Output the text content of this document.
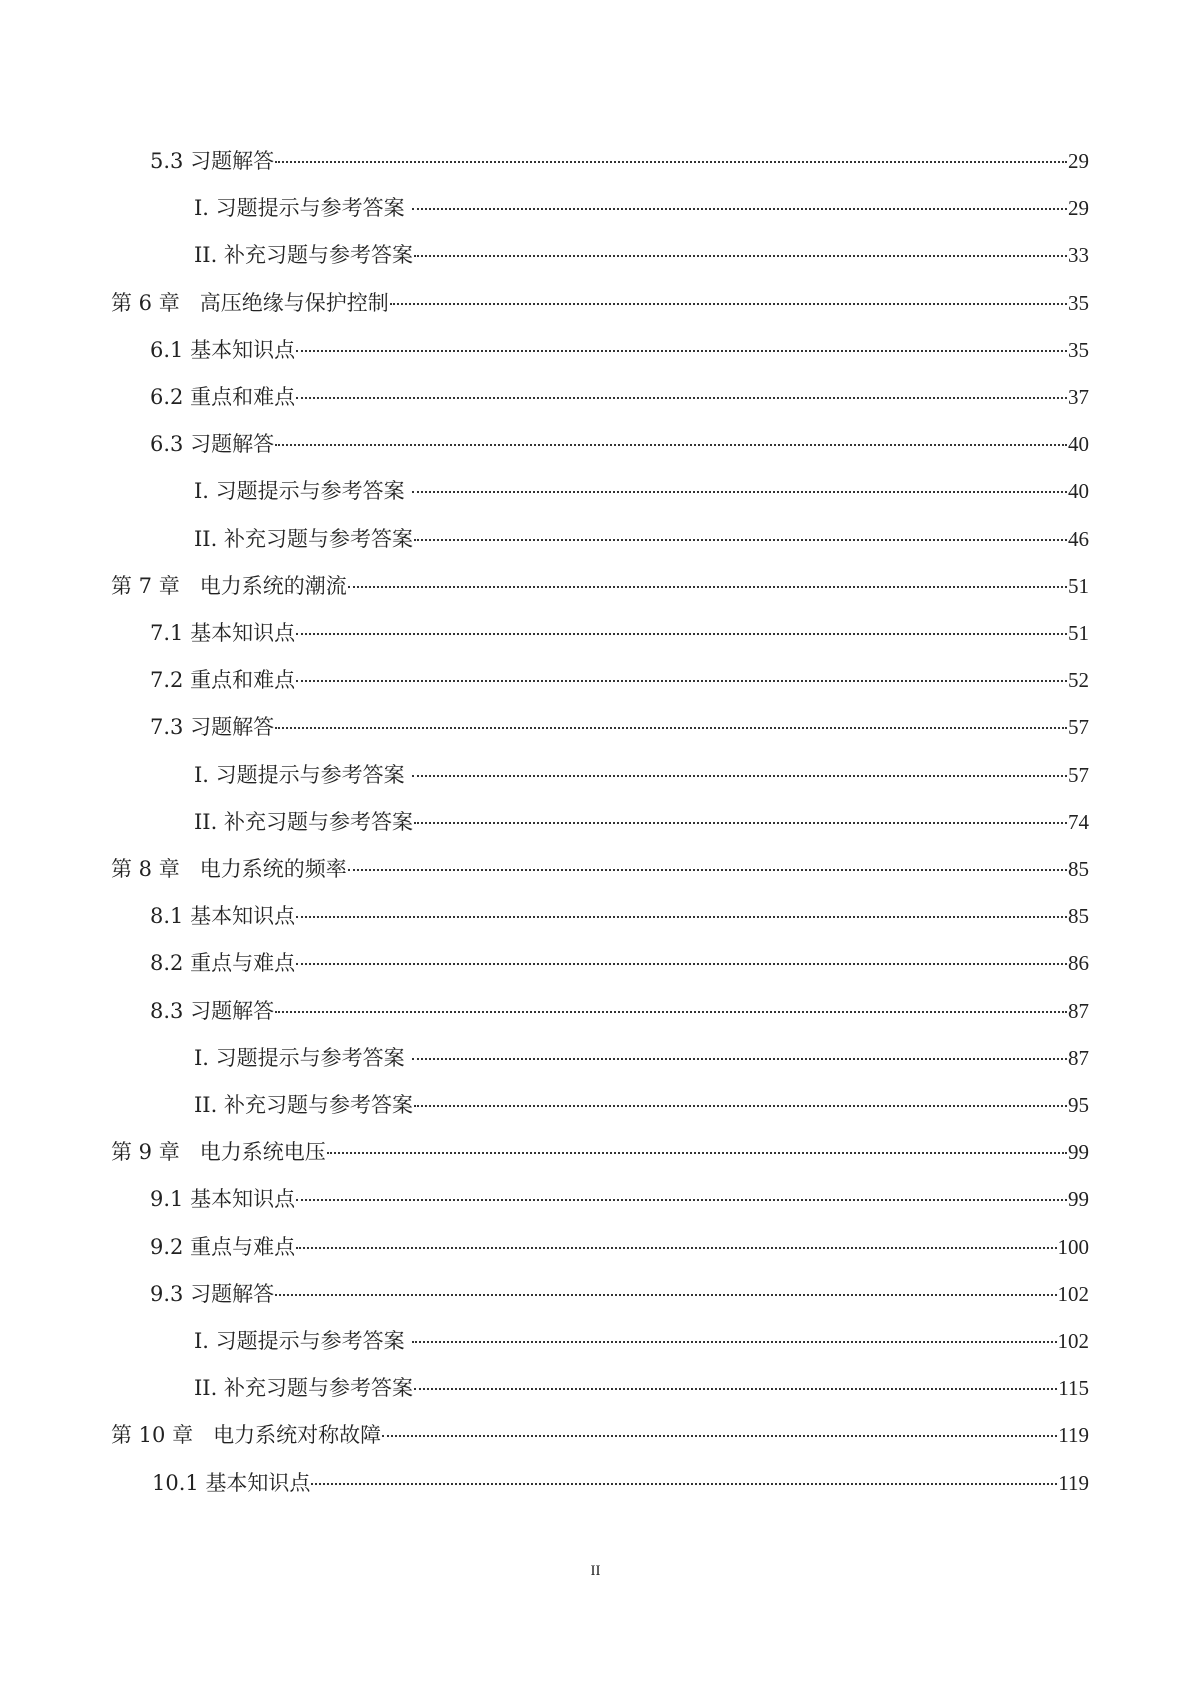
5.3 习题解答	29
I. 习题提示与参考答案	29
II. 补充习题与参考答案	33
第 6 章 高压绝缘与保护控制	35
6.1 基本知识点	35
6.2 重点和难点	37
6.3 习题解答	40
I. 习题提示与参考答案	40
II. 补充习题与参考答案	46
第 7 章 电力系统的潮流	51
7.1 基本知识点	51
7.2 重点和难点	52
7.3 习题解答	57
I. 习题提示与参考答案	57
II. 补充习题与参考答案	74
第 8 章 电力系统的频率	85
8.1 基本知识点	85
8.2 重点与难点	86
8.3 习题解答	87
I. 习题提示与参考答案	87
II. 补充习题与参考答案	95
第 9 章 电力系统电压	99
9.1 基本知识点	99
9.2 重点与难点	100
9.3 习题解答	102
I. 习题提示与参考答案	102
II. 补充习题与参考答案	115
第 10 章 电力系统对称故障	119
10.1 基本知识点	119
II
